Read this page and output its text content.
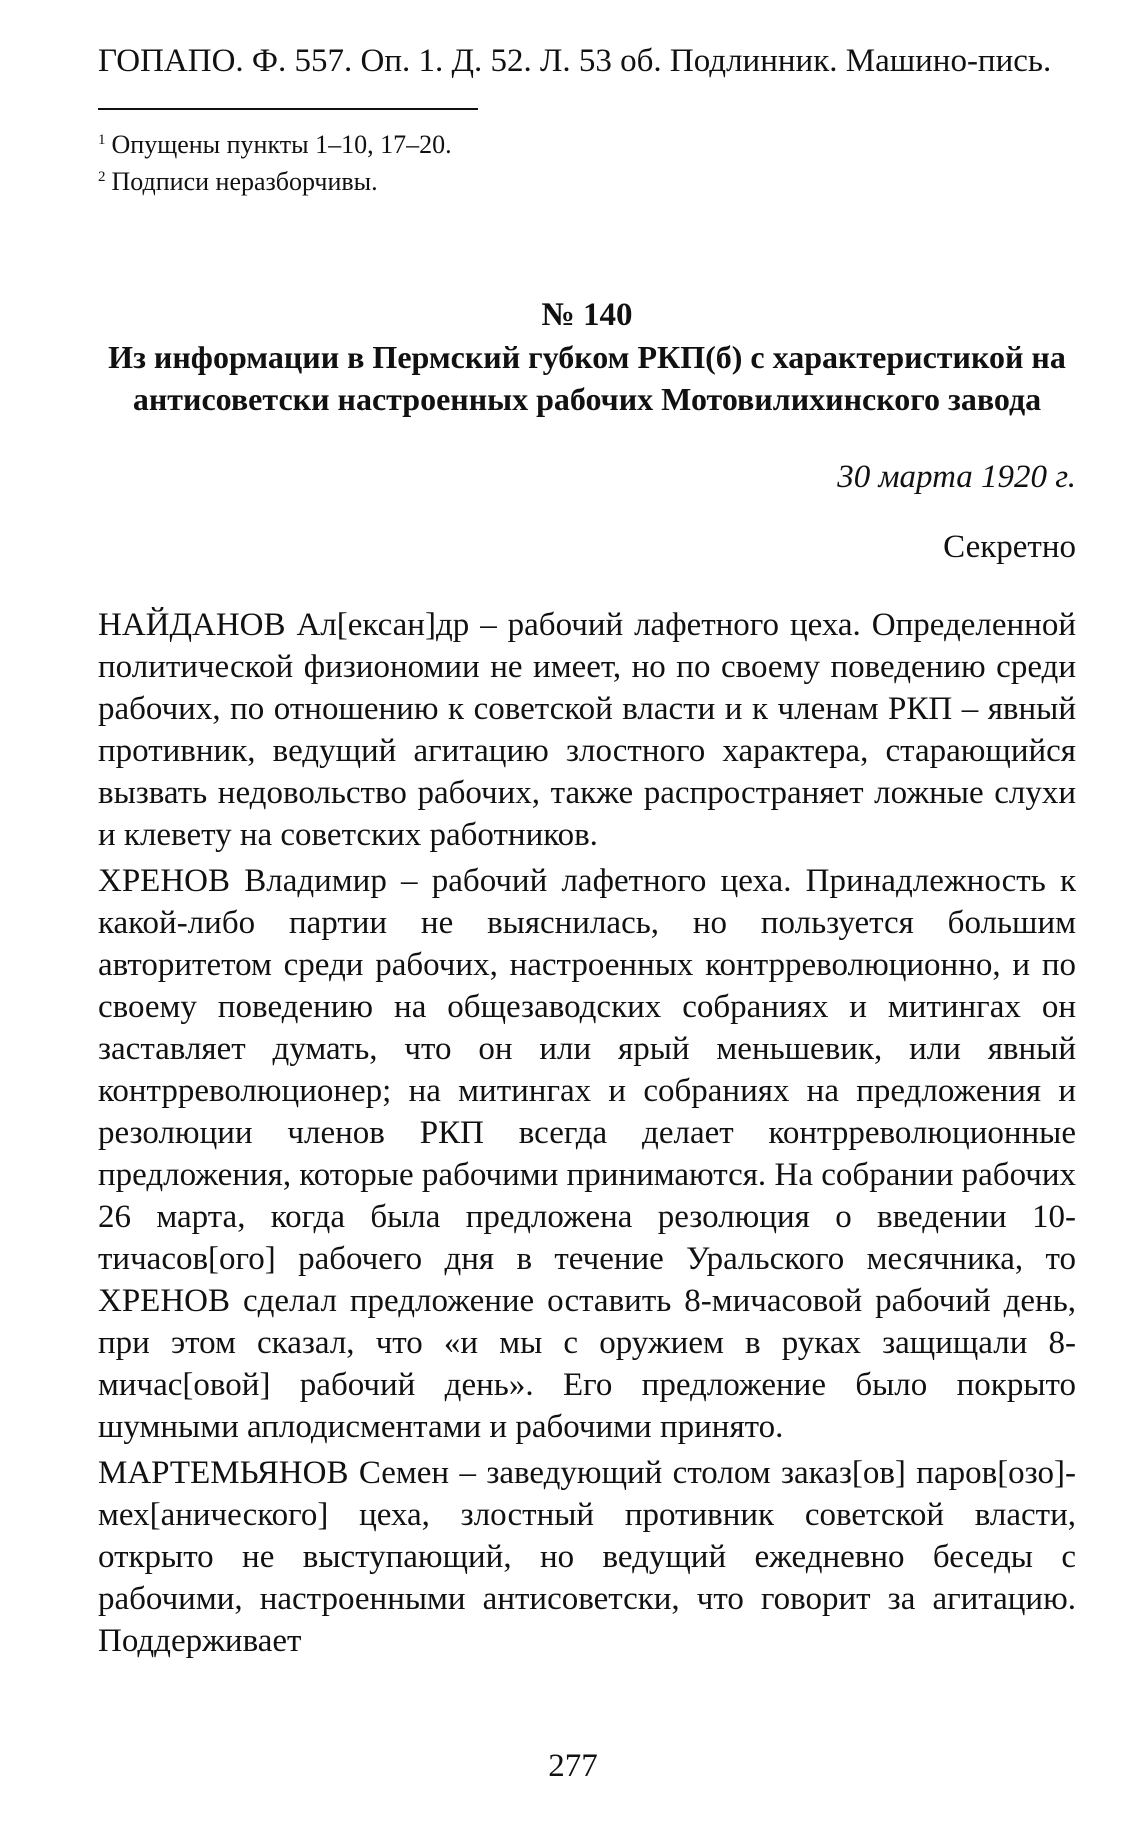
ГОПАПО. Ф. 557. Оп. 1. Д. 52. Л. 53 об. Подлинник. Машино-пись.

$^1$ Опущены пункты 1–10, 17–20.
$^2$ Подписи неразборчивы.
№ 140

Из информации в Пермский губком РКП(б) с характеристикой на антисоветски настроенных рабочих Мотовилихинского завода

30 марта 1920 г.
Секретно

НАЙДАНОВ Ал[ексан]др – рабочий лафетного цеха. Определенной политической физиономии не имеет, но по своему поведению среди рабочих, по отношению к советской власти и к членам РКП – явный противник, ведущий агитацию злостного характера, старающийся вызвать недовольство рабочих, также распространяет ложные слухи и клевету на советских работников.

ХРЕНОВ Владимир – рабочий лафетного цеха. Принадлежность к какой-либо партии не выяснилась, но пользуется большим авторитетом среди рабочих, настроенных контрреволюционно, и по своему поведению на общезаводских собраниях и митингах он заставляет думать, что он или ярый меньшевик, или явный контрреволюционер; на митингах и собраниях на предложения и резолюции членов РКП всегда делает контрреволюционные предложения, которые рабочими принимаются. На собрании рабочих 26 марта, когда была предложена резолюция о введении 10-тичасов[ого] рабочего дня в течение Уральского месячника, то ХРЕНОВ сделал предложение оставить 8-мичасовой рабочий день, при этом сказал, что «и мы с оружием в руках защищали 8-мичас[овой] рабочий день». Его предложение было покрыто шумными аплодисментами и рабочими принято.

МАРТЕМЬЯНОВ Семен – заведующий столом заказ[ов] паров[озо]-мех[анического] цеха, злостный противник советской власти, открыто не выступающий, но ведущий ежедневно беседы с рабочими, настроенными антисоветски, что говорит за агитацию. Поддерживает

277
